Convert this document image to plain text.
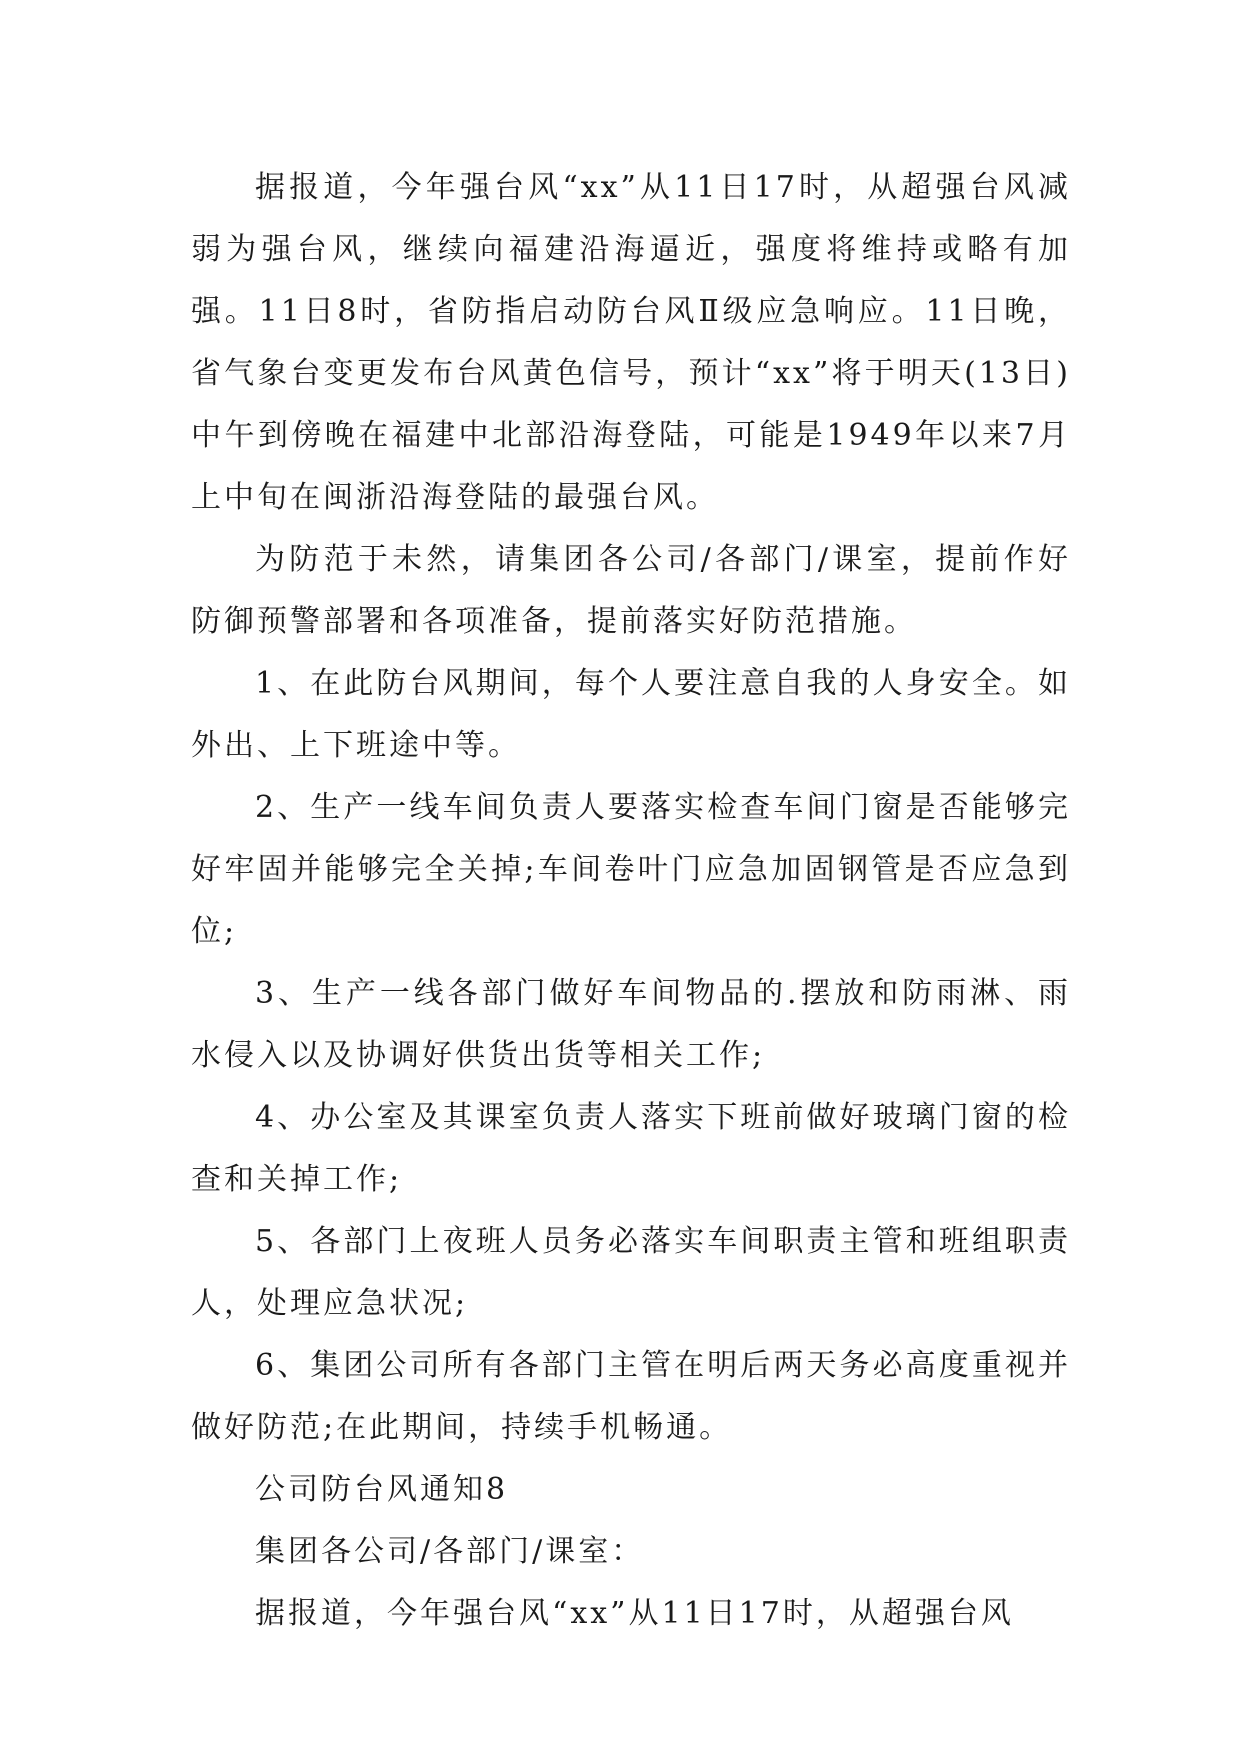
据报道，今年强台风“xx”从11日17时，从超强台风减弱为强台风，继续向福建沿海逼近，强度将维持或略有加强。11日8时，省防指启动防台风Ⅱ级应急响应。11日晚，省气象台变更发布台风黄色信号，预计“xx”将于明天(13日)中午到傍晚在福建中北部沿海登陆，可能是1949年以来7月上中旬在闽浙沿海登陆的最强台风。

为防范于未然，请集团各公司/各部门/课室，提前作好防御预警部署和各项准备，提前落实好防范措施。

1、在此防台风期间，每个人要注意自我的人身安全。如外出、上下班途中等。

2、生产一线车间负责人要落实检查车间门窗是否能够完好牢固并能够完全关掉;车间卷叶门应急加固钢管是否应急到位;

3、生产一线各部门做好车间物品的.摆放和防雨淋、雨水侵入以及协调好供货出货等相关工作;

4、办公室及其课室负责人落实下班前做好玻璃门窗的检查和关掉工作;

5、各部门上夜班人员务必落实车间职责主管和班组职责人，处理应急状况;

6、集团公司所有各部门主管在明后两天务必高度重视并做好防范;在此期间，持续手机畅通。

公司防台风通知8

集团各公司/各部门/课室：

据报道，今年强台风“xx”从11日17时，从超强台风
